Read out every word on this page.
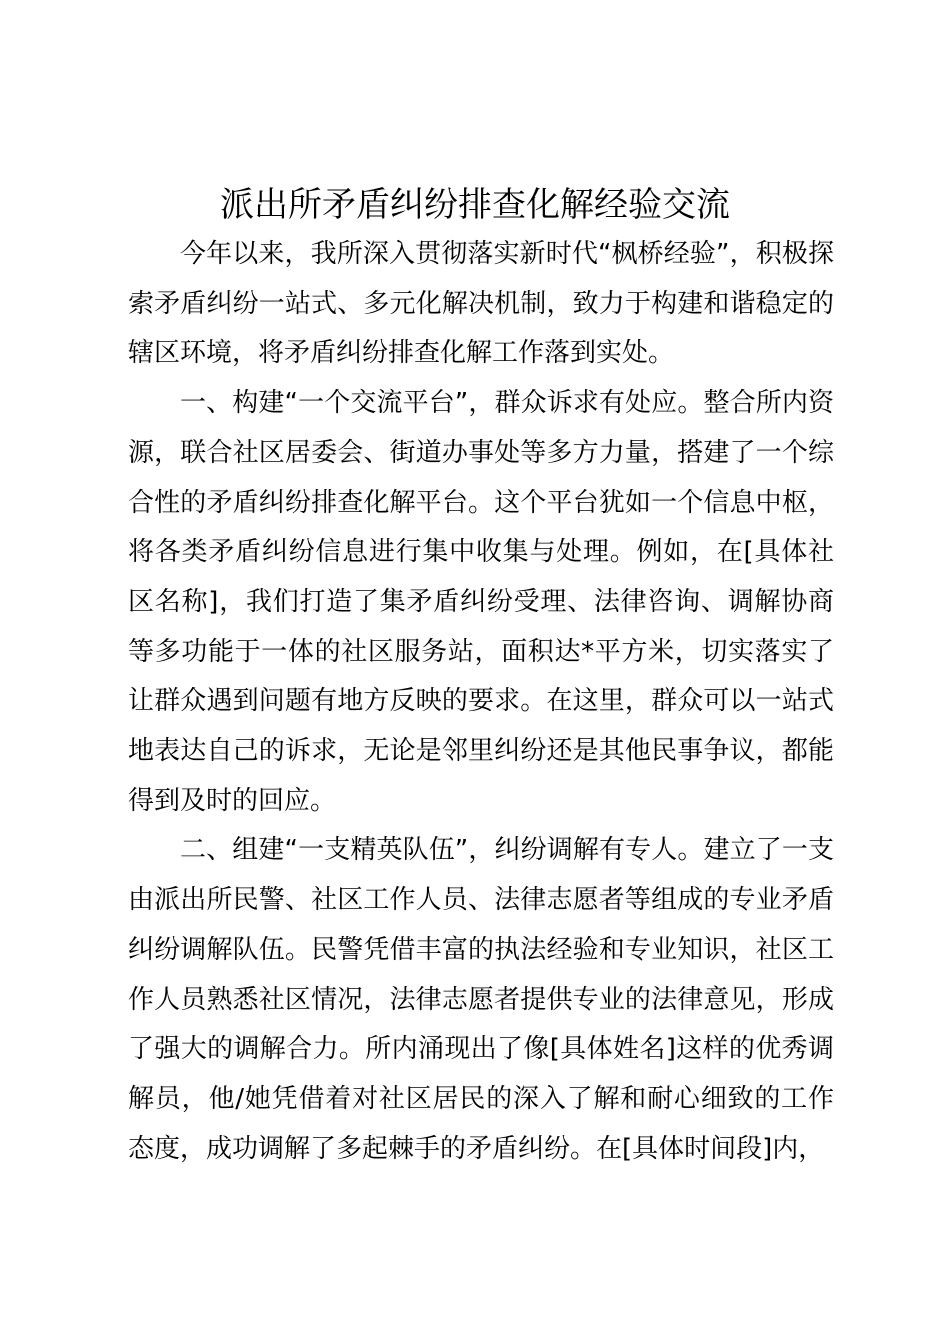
派出所矛盾纠纷排查化解经验交流

今年以来，我所深入贯彻落实新时代“枫桥经验”，积极探索矛盾纠纷一站式、多元化解决机制，致力于构建和谐稳定的辖区环境，将矛盾纠纷排查化解工作落到实处。

一、构建“一个交流平台”，群众诉求有处应。整合所内资源，联合社区居委会、街道办事处等多方力量，搭建了一个综合性的矛盾纠纷排查化解平台。这个平台犹如一个信息中枢，将各类矛盾纠纷信息进行集中收集与处理。例如，在[具体社区名称]，我们打造了集矛盾纠纷受理、法律咨询、调解协商等多功能于一体的社区服务站，面积达*平方米，切实落实了让群众遇到问题有地方反映的要求。在这里，群众可以一站式地表达自己的诉求，无论是邻里纠纷还是其他民事争议，都能得到及时的回应。

二、组建“一支精英队伍”，纠纷调解有专人。建立了一支由派出所民警、社区工作人员、法律志愿者等组成的专业矛盾纠纷调解队伍。民警凭借丰富的执法经验和专业知识，社区工作人员熟悉社区情况，法律志愿者提供专业的法律意见，形成了强大的调解合力。所内涌现出了像[具体姓名]这样的优秀调解员，他/她凭借着对社区居民的深入了解和耐心细致的工作态度，成功调解了多起棘手的矛盾纠纷。在[具体时间段]内，
